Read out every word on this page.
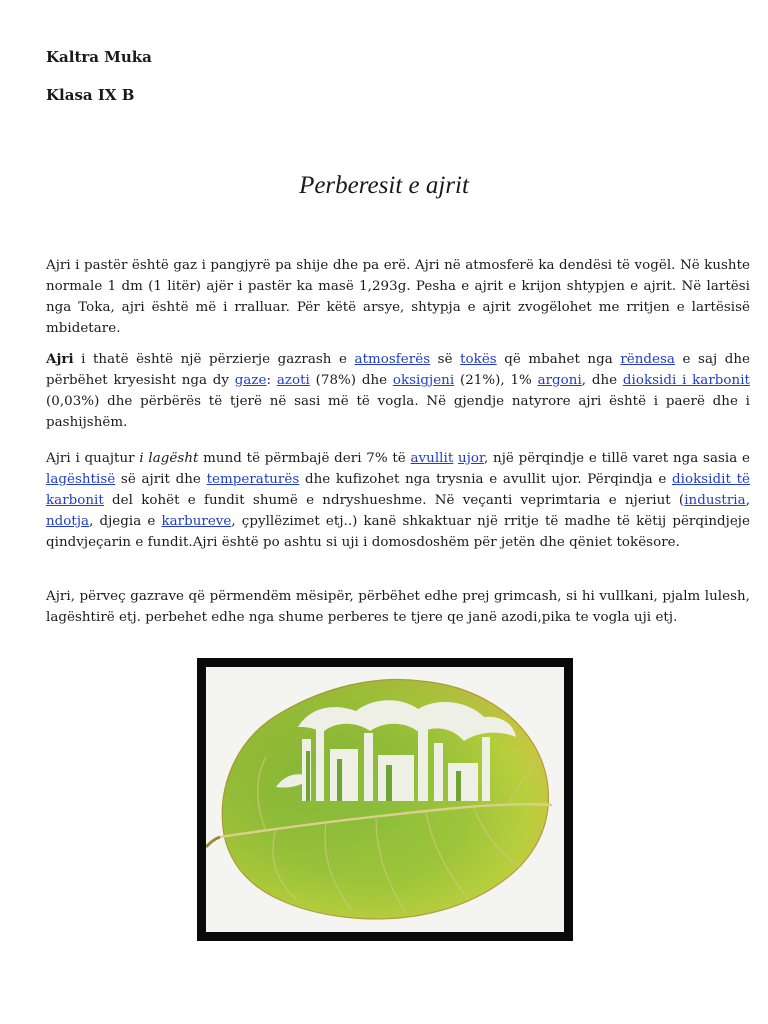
Kaltra Muka
Klasa IX B
Perberesit e ajrit
Ajri i pastër është gaz i pangjyrë pa shije dhe pa erë. Ajri në atmosferë ka dendësi të vogël. Në kushte normale 1 dm (1 litër) ajër i pastër ka masë 1,293g. Pesha e ajrit e krijon shtypjen e ajrit. Në lartësi nga Toka, ajri është më i rralluar. Për këtë arsye, shtypja e ajrit zvogëlohet me rritjen e lartësisë mbidetare.
Ajri i thatë është një përzierje gazrash e atmosferës së tokës që mbahet nga rëndesa e saj dhe përbëhet kryesisht nga dy gaze: azoti (78%) dhe oksigjeni (21%), 1% argoni, dhe dioksidi i karbonit (0,03%) dhe përbërës të tjerë në sasi më të vogla. Në gjendje natyrore ajri është i paerë dhe i pashijshëm.
Ajri i quajtur i lagësht mund të përmbajë deri 7% të avullit ujor, një përqindje e tillë varet nga sasia e lagështisë së ajrit dhe temperaturës dhe kufizohet nga trysnia e avullit ujor. Përqindja e dioksidit të karbonit del kohët e fundit shumë e ndryshueshme. Në veçanti veprimtaria e njeriut (industria, ndotja, djegia e karbureve, çpyllëzimet etj..) kanë shkaktuar një rritje të madhe të këtij përqindjeje qindvjeçarin e fundit.Ajri është po ashtu si uji i domosdoshëm për jetën dhe qëniet tokësore.
Ajri, përveç gazrave që përmendëm mësipër, përbëhet edhe prej grimcash, si hi vullkani, pjalm lulesh, lagështirë etj. perbehet edhe nga shume perberes te tjere qe janë azodi,pika te vogla uji etj.
